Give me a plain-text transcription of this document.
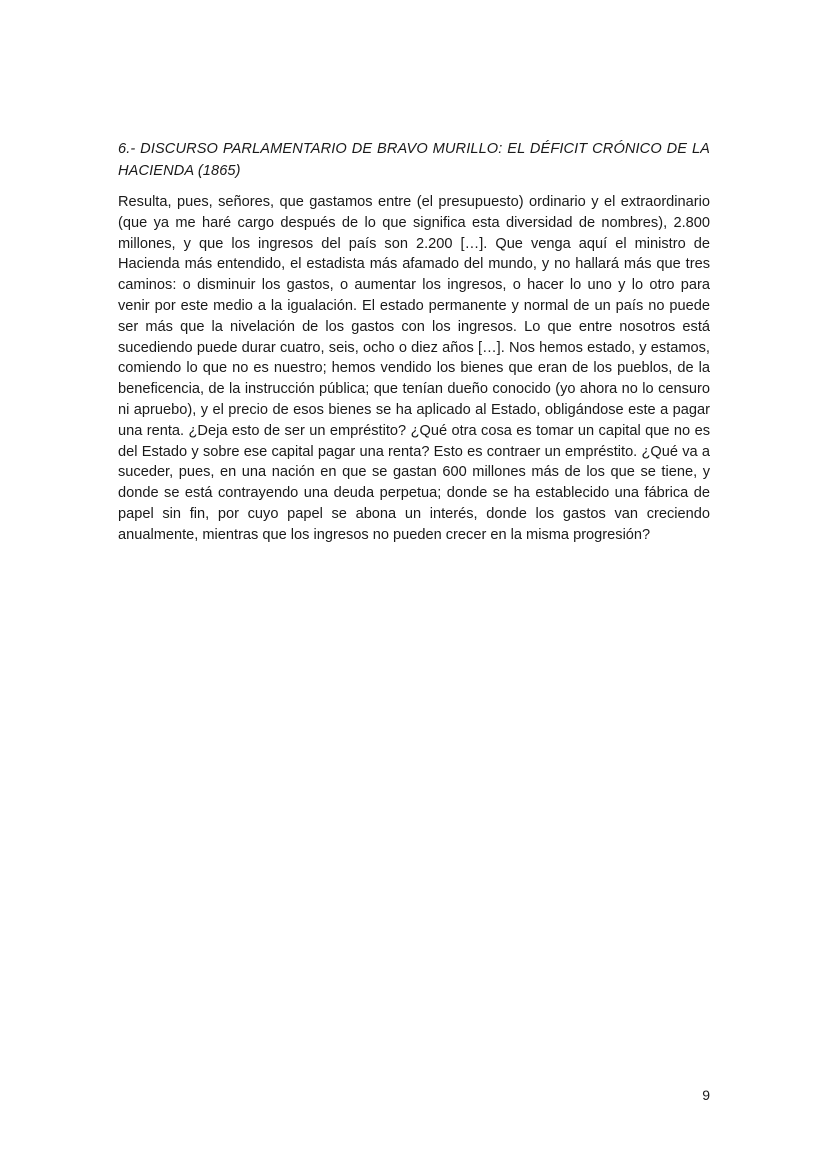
6.- DISCURSO PARLAMENTARIO DE BRAVO MURILLO: EL DÉFICIT CRÓNICO DE LA HACIENDA (1865)

Resulta, pues, señores, que gastamos entre (el presupuesto) ordinario y el extraordinario (que ya me haré cargo después de lo que significa esta diversidad de nombres), 2.800 millones, y que los ingresos del país son 2.200 […]. Que venga aquí el ministro de Hacienda más entendido, el estadista más afamado del mundo, y no hallará más que tres caminos: o disminuir los gastos, o aumentar los ingresos, o hacer lo uno y lo otro para venir por este medio a la igualación. El estado permanente y normal de un país no puede ser más que la nivelación de los gastos con los ingresos. Lo que entre nosotros está sucediendo puede durar cuatro, seis, ocho o diez años […]. Nos hemos estado, y estamos, comiendo lo que no es nuestro; hemos vendido los bienes que eran de los pueblos, de la beneficencia, de la instrucción pública; que tenían dueño conocido (yo ahora no lo censuro ni apruebo), y el precio de esos bienes se ha aplicado al Estado, obligándose este a pagar una renta. ¿Deja esto de ser un empréstito? ¿Qué otra cosa es tomar un capital que no es del Estado y sobre ese capital pagar una renta? Esto es contraer un empréstito. ¿Qué va a suceder, pues, en una nación en que se gastan 600 millones más de los que se tiene, y donde se está contrayendo una deuda perpetua; donde se ha establecido una fábrica de papel sin fin, por cuyo papel se abona un interés, donde los gastos van creciendo anualmente, mientras que los ingresos no pueden crecer en la misma progresión?

9
